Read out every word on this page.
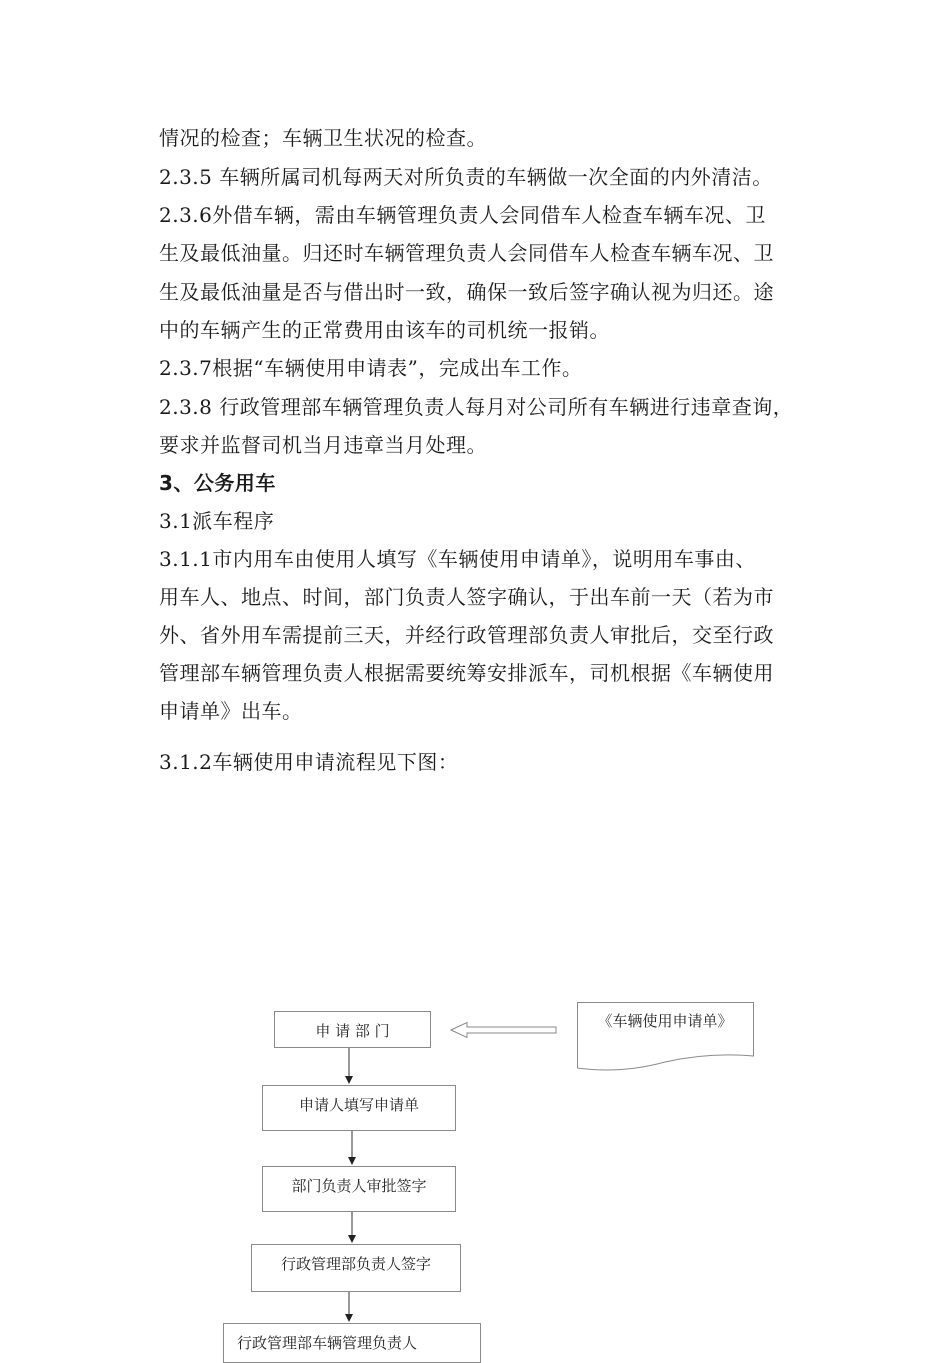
情况的检查；车辆卫生状况的检查。
2.3.5 车辆所属司机每两天对所负责的车辆做一次全面的内外清洁。
2.3.6外借车辆，需由车辆管理负责人会同借车人检查车辆车况、卫
生及最低油量。归还时车辆管理负责人会同借车人检查车辆车况、卫
生及最低油量是否与借出时一致，确保一致后签字确认视为归还。途
中的车辆产生的正常费用由该车的司机统一报销。
2.3.7根据“车辆使用申请表”，完成出车工作。
2.3.8 行政管理部车辆管理负责人每月对公司所有车辆进行违章查询，
要求并监督司机当月违章当月处理。
3、公务用车
3.1派车程序
3.1.1市内用车由使用人填写《车辆使用申请单》，说明用车事由、
用车人、地点、时间，部门负责人签字确认，于出车前一天（若为市
外、省外用车需提前三天，并经行政管理部负责人审批后，交至行政
管理部车辆管理负责人根据需要统筹安排派车，司机根据《车辆使用
申请单》出车。
3.1.2车辆使用申请流程见下图：
《车辆使用申请单》
申 请 部 门
申请人填写申请单
部门负责人审批签字
行政管理部负责人签字
行政管理部车辆管理负责人
